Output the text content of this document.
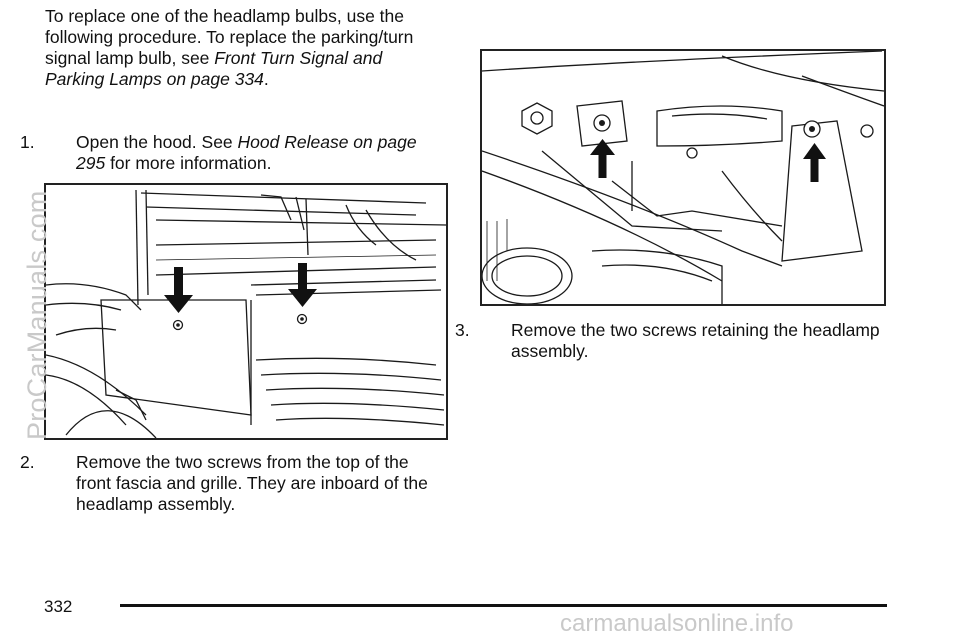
To replace one of the headlamp bulbs, use the following procedure. To replace the parking/turn signal lamp bulb, see Front Turn Signal and Parking Lamps on page 334.

1. Open the hood. See Hood Release on page 295 for more information.
2. Remove the two screws from the top of the front fascia and grille. They are inboard of the headlamp assembly.
3. Remove the two screws retaining the headlamp assembly.
332
ProCarManuals.com
carmanualsonline.info
